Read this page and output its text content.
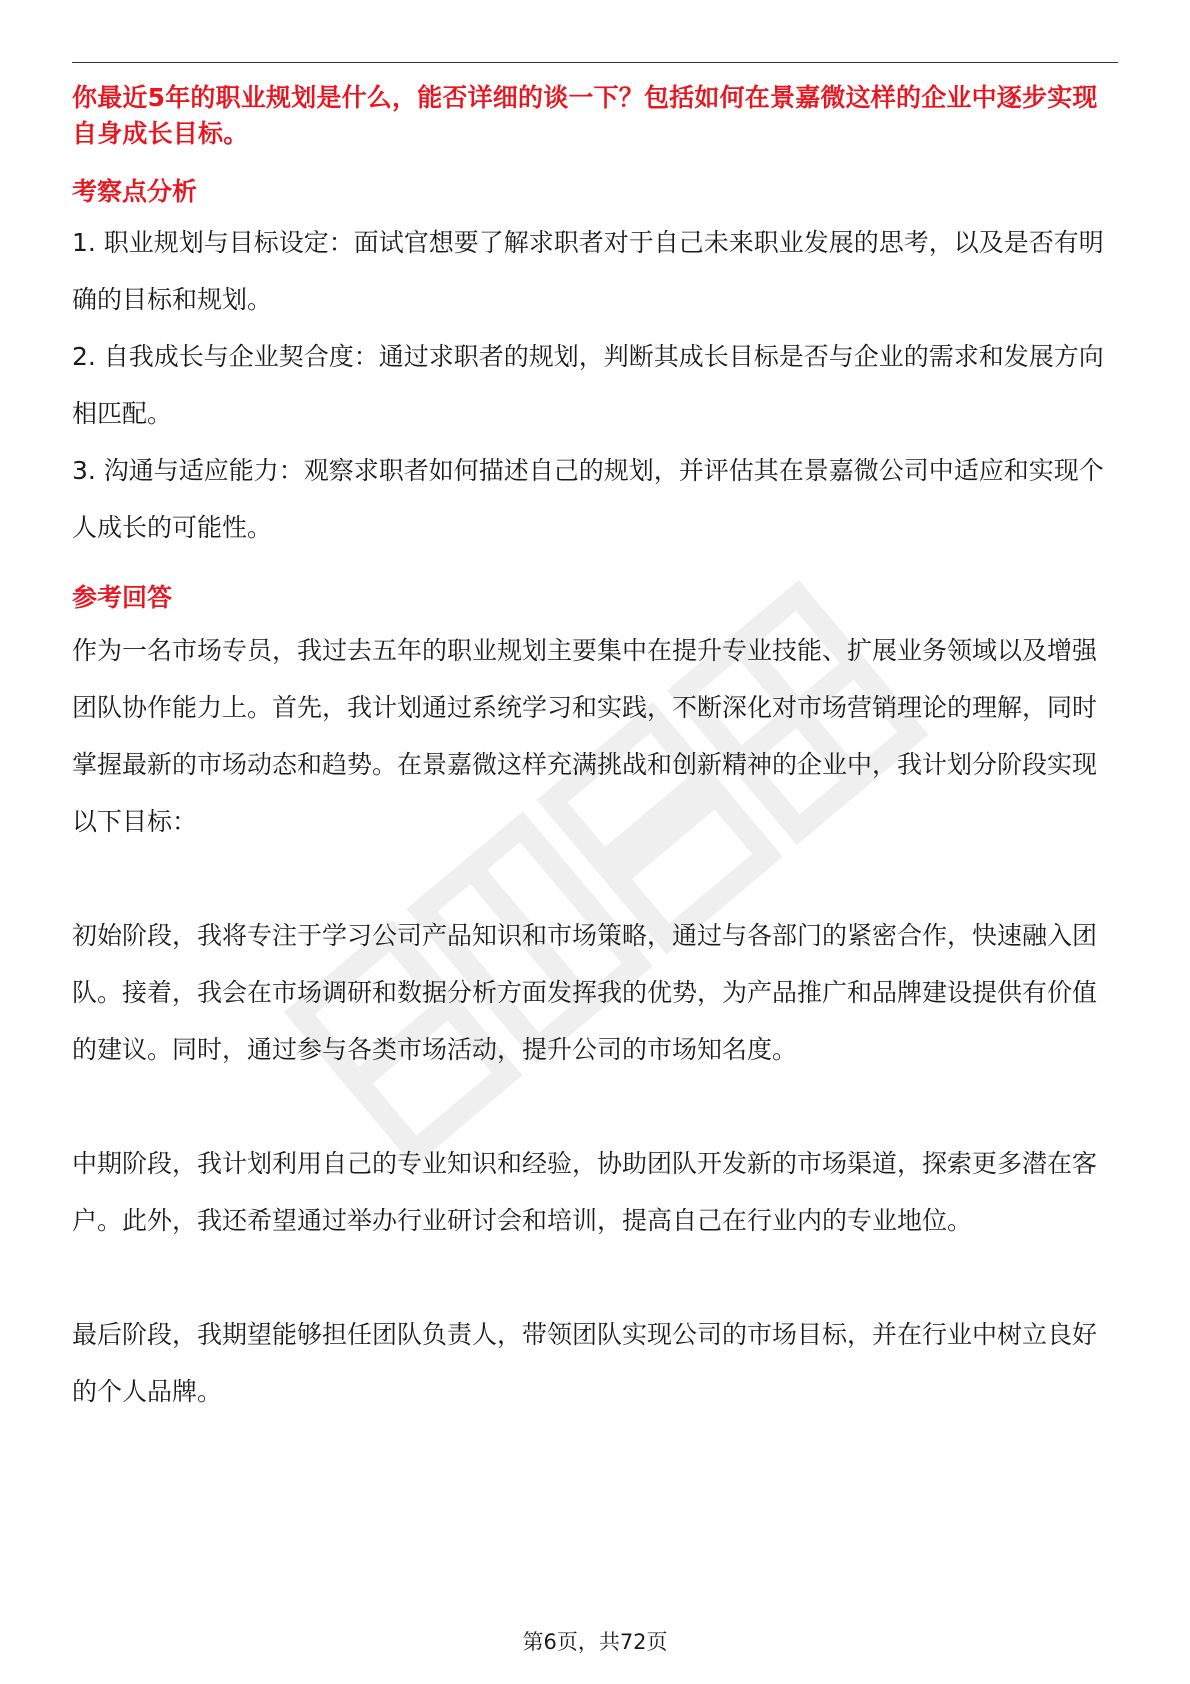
你最近5年的职业规划是什么，能否详细的谈一下？包括如何在景嘉微这样的企业中逐步实现自身成长目标。

考察点分析

1. 职业规划与目标设定：面试官想要了解求职者对于自己未来职业发展的思考，以及是否有明确的目标和规划。

2. 自我成长与企业契合度：通过求职者的规划，判断其成长目标是否与企业的需求和发展方向相匹配。

3. 沟通与适应能力：观察求职者如何描述自己的规划，并评估其在景嘉微公司中适应和实现个人成长的可能性。

参考回答

作为一名市场专员，我过去五年的职业规划主要集中在提升专业技能、扩展业务领域以及增强团队协作能力上。首先，我计划通过系统学习和实践，不断深化对市场营销理论的理解，同时掌握最新的市场动态和趋势。在景嘉微这样充满挑战和创新精神的企业中，我计划分阶段实现以下目标：

初始阶段，我将专注于学习公司产品知识和市场策略，通过与各部门的紧密合作，快速融入团队。接着，我会在市场调研和数据分析方面发挥我的优势，为产品推广和品牌建设提供有价值的建议。同时，通过参与各类市场活动，提升公司的市场知名度。

中期阶段，我计划利用自己的专业知识和经验，协助团队开发新的市场渠道，探索更多潜在客户。此外，我还希望通过举办行业研讨会和培训，提高自己在行业内的专业地位。

最后阶段，我期望能够担任团队负责人，带领团队实现公司的市场目标，并在行业中树立良好的个人品牌。

第6页，共72页
